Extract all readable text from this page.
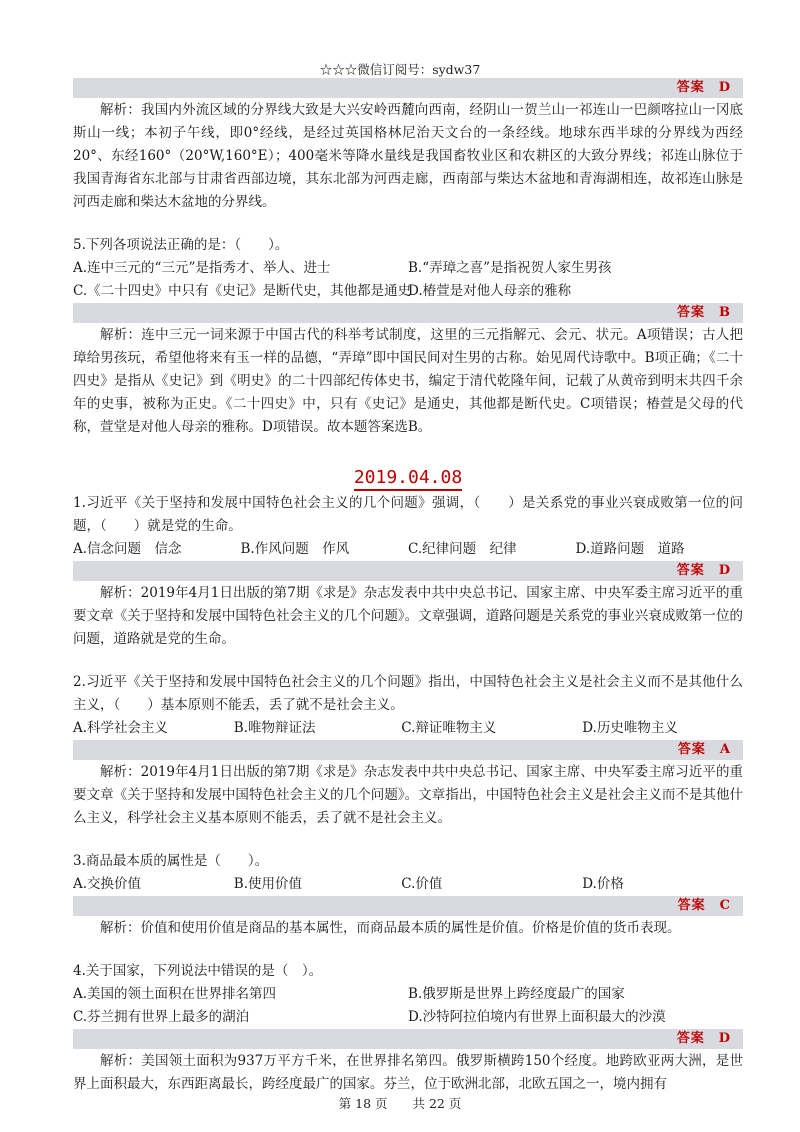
☆☆☆微信订阅号：sydw37
答案 D

解析：我国内外流区域的分界线大致是大兴安岭西麓向西南，经阴山一贺兰山一祁连山一巴颜喀拉山一冈底斯山一线；本初子午线，即0°经线，是经过英国格林尼治天文台的一条经线。地球东西半球的分界线为西经20°、东经160°（20°W,160°E）；400毫米等降水量线是我国畜牧业区和农耕区的大致分界线；祁连山脉位于我国青海省东北部与甘肃省西部边境，其东北部为河西走廊，西南部与柴达木盆地和青海湖相连，故祁连山脉是河西走廊和柴达木盆地的分界线。

5.下列各项说法正确的是：（　　）。

A.连中三元的“三元”是指秀才、举人、进士	B.“弄璋之喜”是指祝贺人家生男孩
C.《二十四史》中只有《史记》是断代史，其他都是通史
D.椿萱是对他人母亲的雅称
答案 B

解析：连中三元一词来源于中国古代的科举考试制度，这里的三元指解元、会元、状元。A项错误；古人把璋给男孩玩，希望他将来有玉一样的品德，“弄璋”即中国民间对生男的古称。始见周代诗歌中。B项正确；《二十四史》是指从《史记》到《明史》的二十四部纪传体史书，编定于清代乾隆年间，记载了从黄帝到明末共四千余年的史事，被称为正史。《二十四史》中，只有《史记》是通史，其他都是断代史。C项错误；椿萱是父母的代称，萱堂是对他人母亲的雅称。D项错误。故本题答案选B。

2019.04.08

1.习近平《关于坚持和发展中国特色社会主义的几个问题》强调，（　　）是关系党的事业兴衰成败第一位的问题，（　　）就是党的生命。

A.信念问题　信念	B.作风问题　作风	C.纪律问题　纪律	D.道路问题　道路
答案 D

解析：2019年4月1日出版的第7期《求是》杂志发表中共中央总书记、国家主席、中央军委主席习近平的重要文章《关于坚持和发展中国特色社会主义的几个问题》。文章强调，道路问题是关系党的事业兴衰成败第一位的问题，道路就是党的生命。

2.习近平《关于坚持和发展中国特色社会主义的几个问题》指出，中国特色社会主义是社会主义而不是其他什么主义，（　　）基本原则不能丢，丢了就不是社会主义。

A.科学社会主义	B.唯物辩证法	C.辩证唯物主义	D.历史唯物主义
答案 A

解析：2019年4月1日出版的第7期《求是》杂志发表中共中央总书记、国家主席、中央军委主席习近平的重要文章《关于坚持和发展中国特色社会主义的几个问题》。文章指出，中国特色社会主义是社会主义而不是其他什么主义，科学社会主义基本原则不能丢，丢了就不是社会主义。

3.商品最本质的属性是（　　）。

A.交换价值	B.使用价值	C.价值	D.价格
答案 C

解析：价值和使用价值是商品的基本属性，而商品最本质的属性是价值。价格是价值的货币表现。

4.关于国家，下列说法中错误的是（　）。

A.美国的领土面积在世界排名第四	B.俄罗斯是世界上跨经度最广的国家
C.芬兰拥有世界上最多的湖泊	D.沙特阿拉伯境内有世界上面积最大的沙漠
答案 D

解析：美国领土面积为937万平方千米，在世界排名第四。俄罗斯横跨150个经度。地跨欧亚两大洲，是世界上面积最大，东西距离最长，跨经度最广的国家。芬兰，位于欧洲北部，北欧五国之一，境内拥有

第 18 页　　共 22 页
